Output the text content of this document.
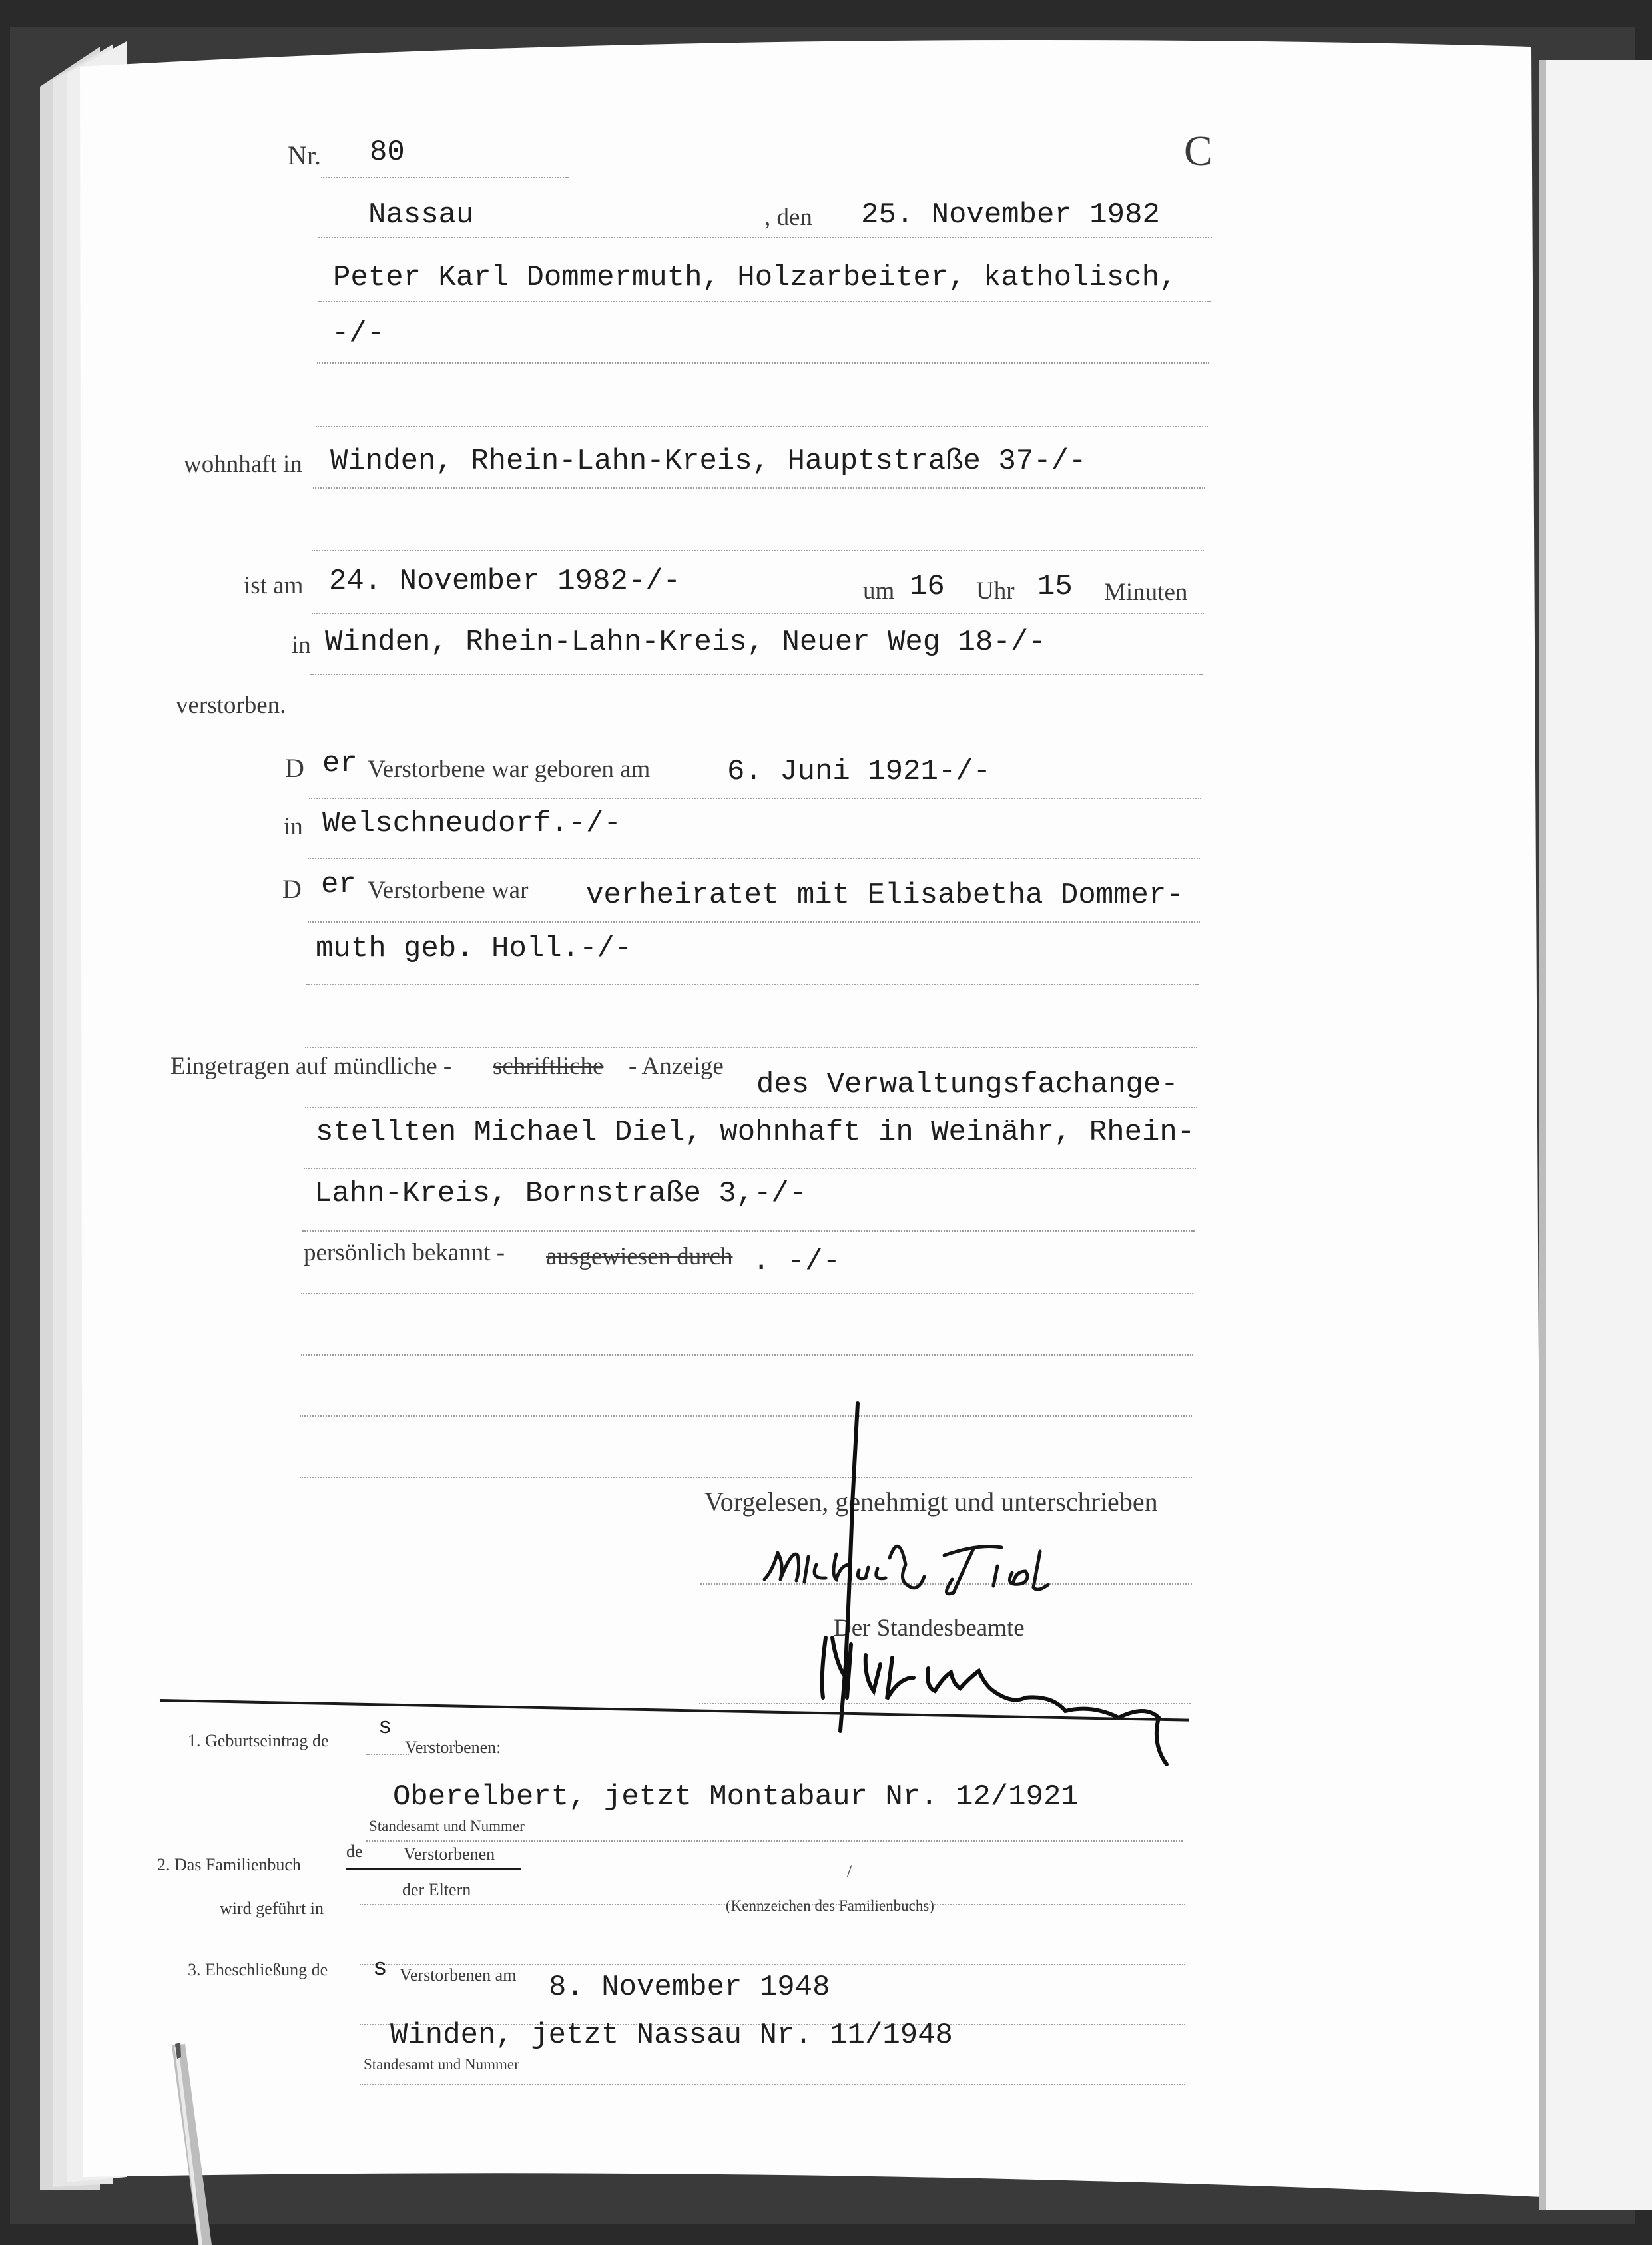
Nr. 80	C
Nassau	, den 25. November 1982
Peter Karl Dommermuth, Holzarbeiter, katholisch,
-/-
wohnhaft in Winden, Rhein-Lahn-Kreis, Hauptstraße 37-/-
ist am 24. November 1982-/-	um 16 Uhr 15 Minuten
in Winden, Rhein-Lahn-Kreis, Neuer Weg 18-/-
verstorben.
D er Verstorbene war geboren am	6. Juni 1921-/-
in Welschneudorf.-/-
D er Verstorbene war verheiratet mit Elisabetha Dommer-
muth geb. Holl.-/-
Eingetragen auf mündliche - schriftliche - Anzeige
des Verwaltungsfachange-
stellten Michael Diel, wohnhaft in Weinähr, Rhein-
Lahn-Kreis, Bornstraße 3,-/-
persönlich bekannt - ausgewiesen durch . -/-
Vorgelesen, genehmigt und unterschrieben
Der Standesbeamte
1. Geburtseintrag de
s
Verstorbenen:
Oberelbert, jetzt Montabaur Nr. 12/1921
Standesamt und Nummer
2. Das Familienbuch
de Verstorbenen
der Eltern
/
wird geführt in	(Kennzeichen des Familienbuchs)
3. Eheschließung de s Verstorbenen am 8. November 1948
Winden, jetzt Nassau Nr. 11/1948
Standesamt und Nummer
